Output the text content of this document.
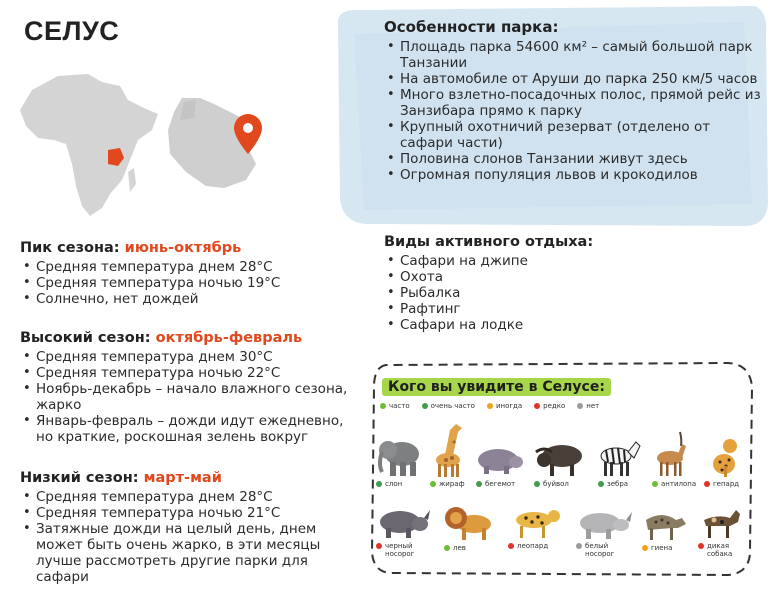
СЕЛУС	Особенности парка:
• Площадь парка 54600 км² – самый большой парк Танзании
• На автомобиле от Аруши до парка 250 км/5 часов
• Много взлетно-посадочных полос, прямой рейс из Занзибара прямо к парку
• Крупный охотничий резерват (отделено от сафари части)
• Половина слонов Танзании живут здесь
• Огромная популяция львов и крокодилов
Пик сезона: июнь-октябрь
• Средняя температура днем 28°C
• Средняя температура ночью 19°C
• Солнечно, нет дождей
Высокий сезон: октябрь-февраль
• Средняя температура днем 30°C
• Средняя температура ночью 22°C
• Ноябрь-декабрь – начало влажного сезона, жарко
• Январь-февраль – дожди идут ежедневно, но краткие, роскошная зелень вокруг
Низкий сезон: март-май
• Средняя температура днем 28°C
• Средняя температура ночью 21°C
• Затяжные дожди на целый день, днем может быть очень жарко, в эти месяцы лучше рассмотреть другие парки для сафари
Виды активного отдыха:
• Сафари на джипе
• Охота
• Рыбалка
• Рафтинг
• Сафари на лодке
Кого вы увидите в Селусе:
часто	очень часто	иногда	редко	нет
слон	жираф	бегемот	буйвол	зебра	антилопа гепард
черный носорог
лев	леопард	белый носорог
гиена	дикая собака
